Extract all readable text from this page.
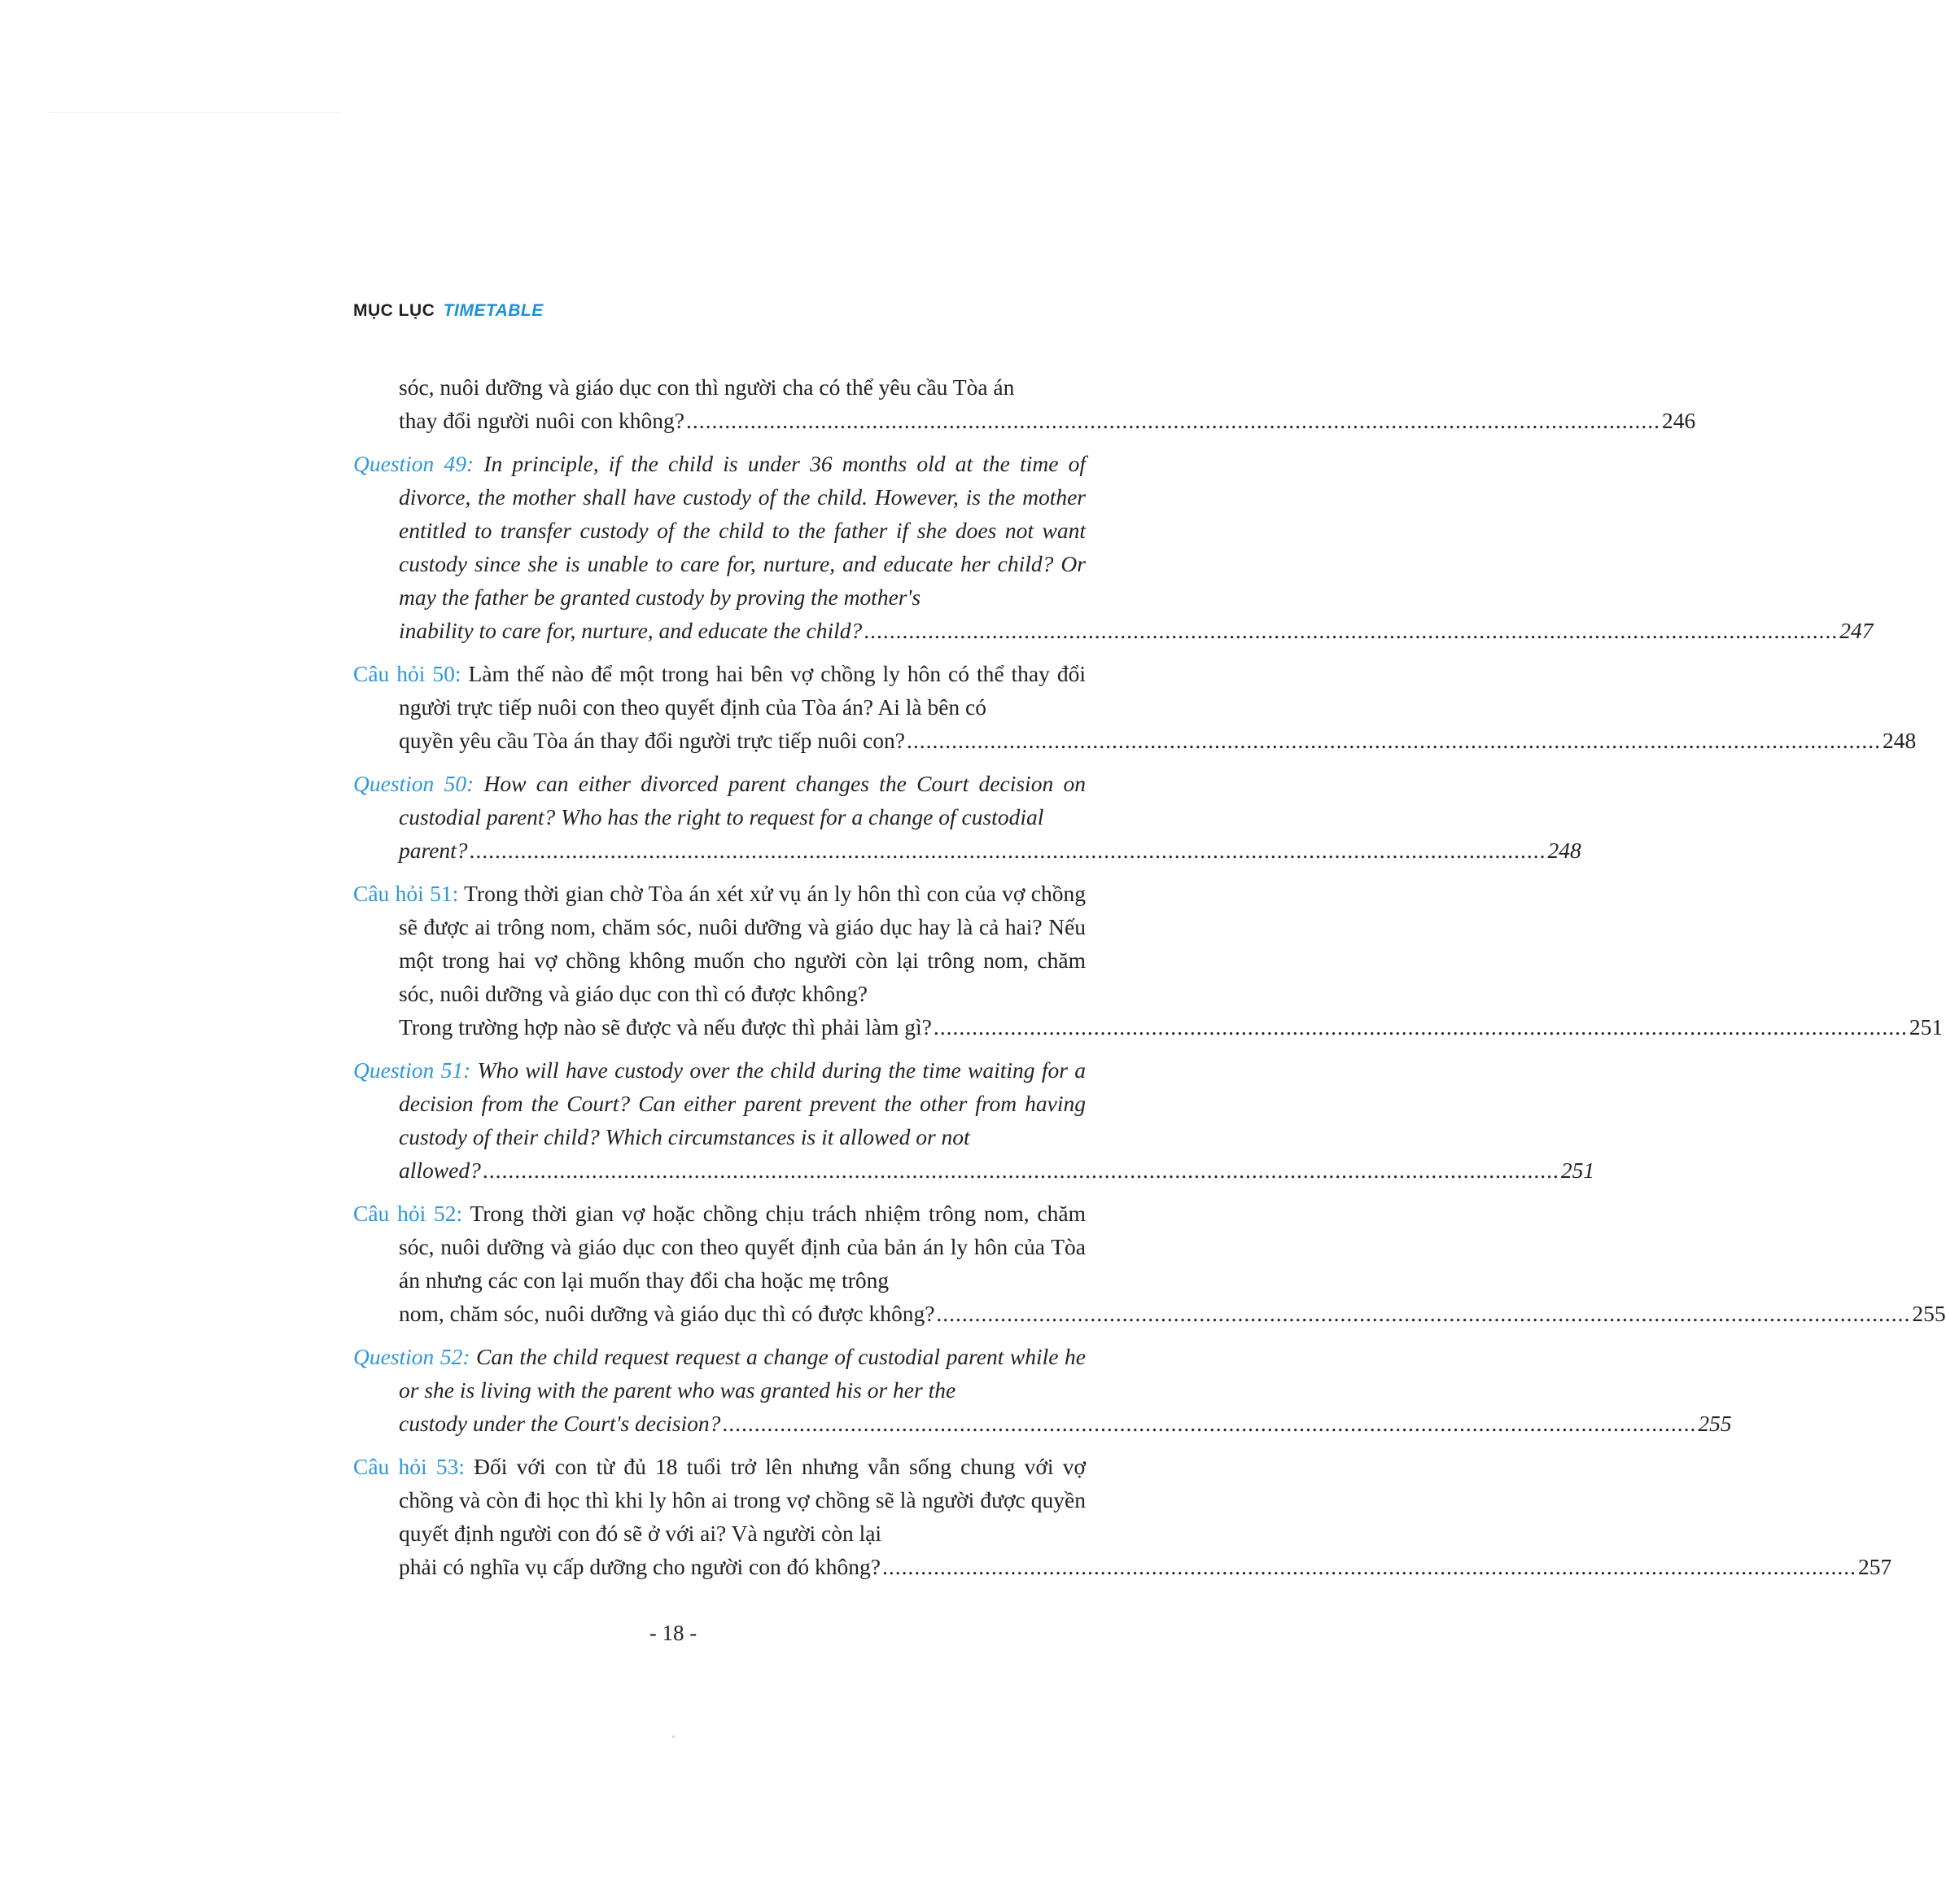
MỤC LỤC TIMETABLE
sóc, nuôi dưỡng và giáo dục con thì người cha có thể yêu cầu Tòa án
thay đổi người nuôi con không? ........................................................................................................................................................ 246
Question 49: In principle, if the child is under 36 months old at the time of divorce, the mother shall have custody of the child. However, is the mother entitled to transfer custody of the child to the father if she does not want custody since she is unable to care for, nurture, and educate her child? Or may the father be granted custody by proving the mother's
inability to care for, nurture, and educate the child? ........................................................................................................................................................ 247
Câu hỏi 50: Làm thế nào để một trong hai bên vợ chồng ly hôn có thể thay đổi người trực tiếp nuôi con theo quyết định của Tòa án? Ai là bên có
quyền yêu cầu Tòa án thay đổi người trực tiếp nuôi con? ........................................................................................................................................................ 248
Question 50: How can either divorced parent changes the Court decision on custodial parent? Who has the right to request for a change of custodial
parent? ........................................................................................................................................................................ 248
Câu hỏi 51: Trong thời gian chờ Tòa án xét xử vụ án ly hôn thì con của vợ chồng sẽ được ai trông nom, chăm sóc, nuôi dưỡng và giáo dục hay là cả hai? Nếu một trong hai vợ chồng không muốn cho người còn lại trông nom, chăm sóc, nuôi dưỡng và giáo dục con thì có được không?
Trong trường hợp nào sẽ được và nếu được thì phải làm gì? ........................................................................................................................................................ 251
Question 51: Who will have custody over the child during the time waiting for a decision from the Court? Can either parent prevent the other from having custody of their child? Which circumstances is it allowed or not
allowed? ........................................................................................................................................................................ 251
Câu hỏi 52: Trong thời gian vợ hoặc chồng chịu trách nhiệm trông nom, chăm sóc, nuôi dưỡng và giáo dục con theo quyết định của bản án ly hôn của Tòa án nhưng các con lại muốn thay đổi cha hoặc mẹ trông
nom, chăm sóc, nuôi dưỡng và giáo dục thì có được không? ........................................................................................................................................................ 255
Question 52: Can the child request request a change of custodial parent while he or she is living with the parent who was granted his or her the
custody under the Court's decision? ........................................................................................................................................................ 255
Câu hỏi 53: Đối với con từ đủ 18 tuổi trở lên nhưng vẫn sống chung với vợ chồng và còn đi học thì khi ly hôn ai trong vợ chồng sẽ là người được quyền quyết định người con đó sẽ ở với ai? Và người còn lại
phải có nghĩa vụ cấp dưỡng cho người con đó không? ........................................................................................................................................................ 257

- 18 -
